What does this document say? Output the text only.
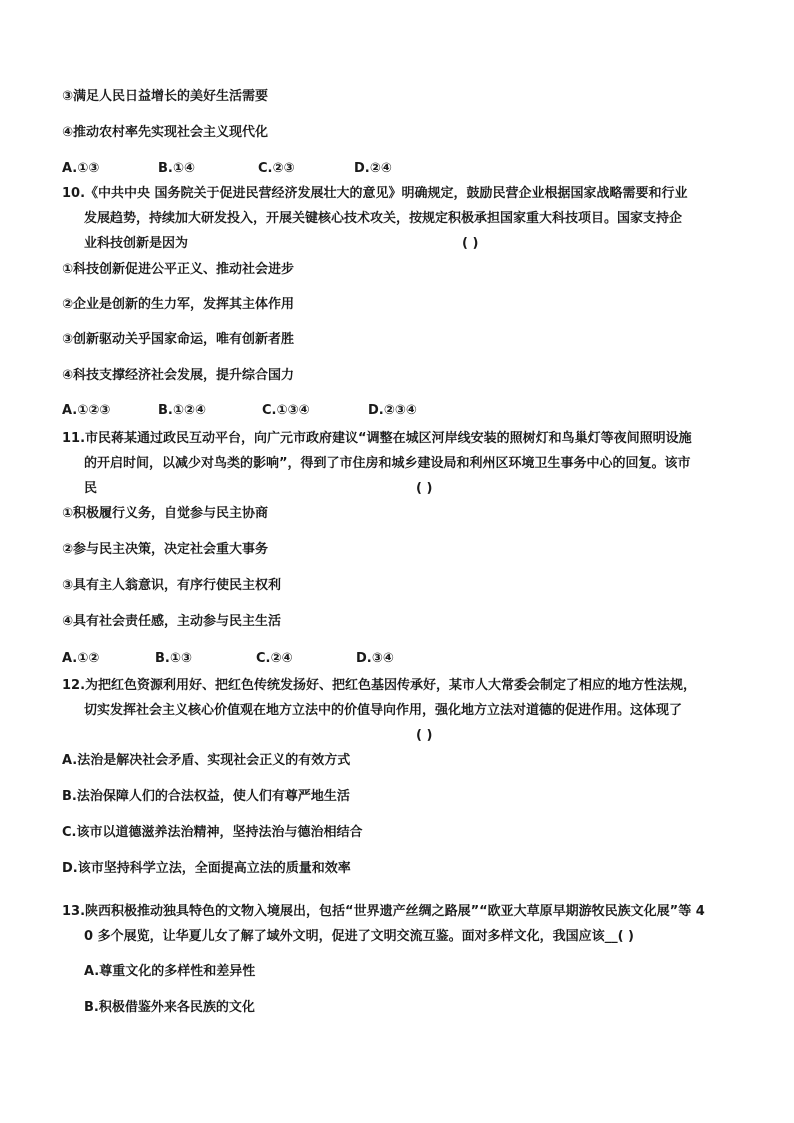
③满足人民日益增长的美好生活需要
④推动农村率先实现社会主义现代化
A.①③	B.①④	C.②③	D.②④
10.《中共中央 国务院关于促进民营经济发展壮大的意见》明确规定，鼓励民营企业根据国家战略需要和行业
发展趋势，持续加大研发投入，开展关键核心技术攻关，按规定积极承担国家重大科技项目。国家支持企
业科技创新是因为	( )
①科技创新促进公平正义、推动社会进步
②企业是创新的生力军，发挥其主体作用
③创新驱动关乎国家命运，唯有创新者胜
④科技支撑经济社会发展，提升综合国力
A.①②③	B.①②④	C.①③④	D.②③④
11.市民蒋某通过政民互动平台，向广元市政府建议“调整在城区河岸线安装的照树灯和鸟巢灯等夜间照明设施
的开启时间，以减少对鸟类的影响”，得到了市住房和城乡建设局和利州区环境卫生事务中心的回复。该市
民	( )
①积极履行义务，自觉参与民主协商
②参与民主决策，决定社会重大事务
③具有主人翁意识，有序行使民主权利
④具有社会责任感，主动参与民主生活
A.①②	B.①③	C.②④	D.③④
12.为把红色资源利用好、把红色传统发扬好、把红色基因传承好，某市人大常委会制定了相应的地方性法规，
切实发挥社会主义核心价值观在地方立法中的价值导向作用，强化地方立法对道德的促进作用。这体现了
( )
A.法治是解决社会矛盾、实现社会正义的有效方式
B.法治保障人们的合法权益，使人们有尊严地生活
C.该市以道德滋养法治精神，坚持法治与德治相结合
D.该市坚持科学立法，全面提高立法的质量和效率
13.陕西积极推动独具特色的文物入境展出，包括“世界遗产丝绸之路展”“欧亚大草原早期游牧民族文化展”等 4
0 多个展览，让华夏儿女了解了域外文明，促进了文明交流互鉴。面对多样文化，我国应该__( )
A.尊重文化的多样性和差异性
B.积极借鉴外来各民族的文化
